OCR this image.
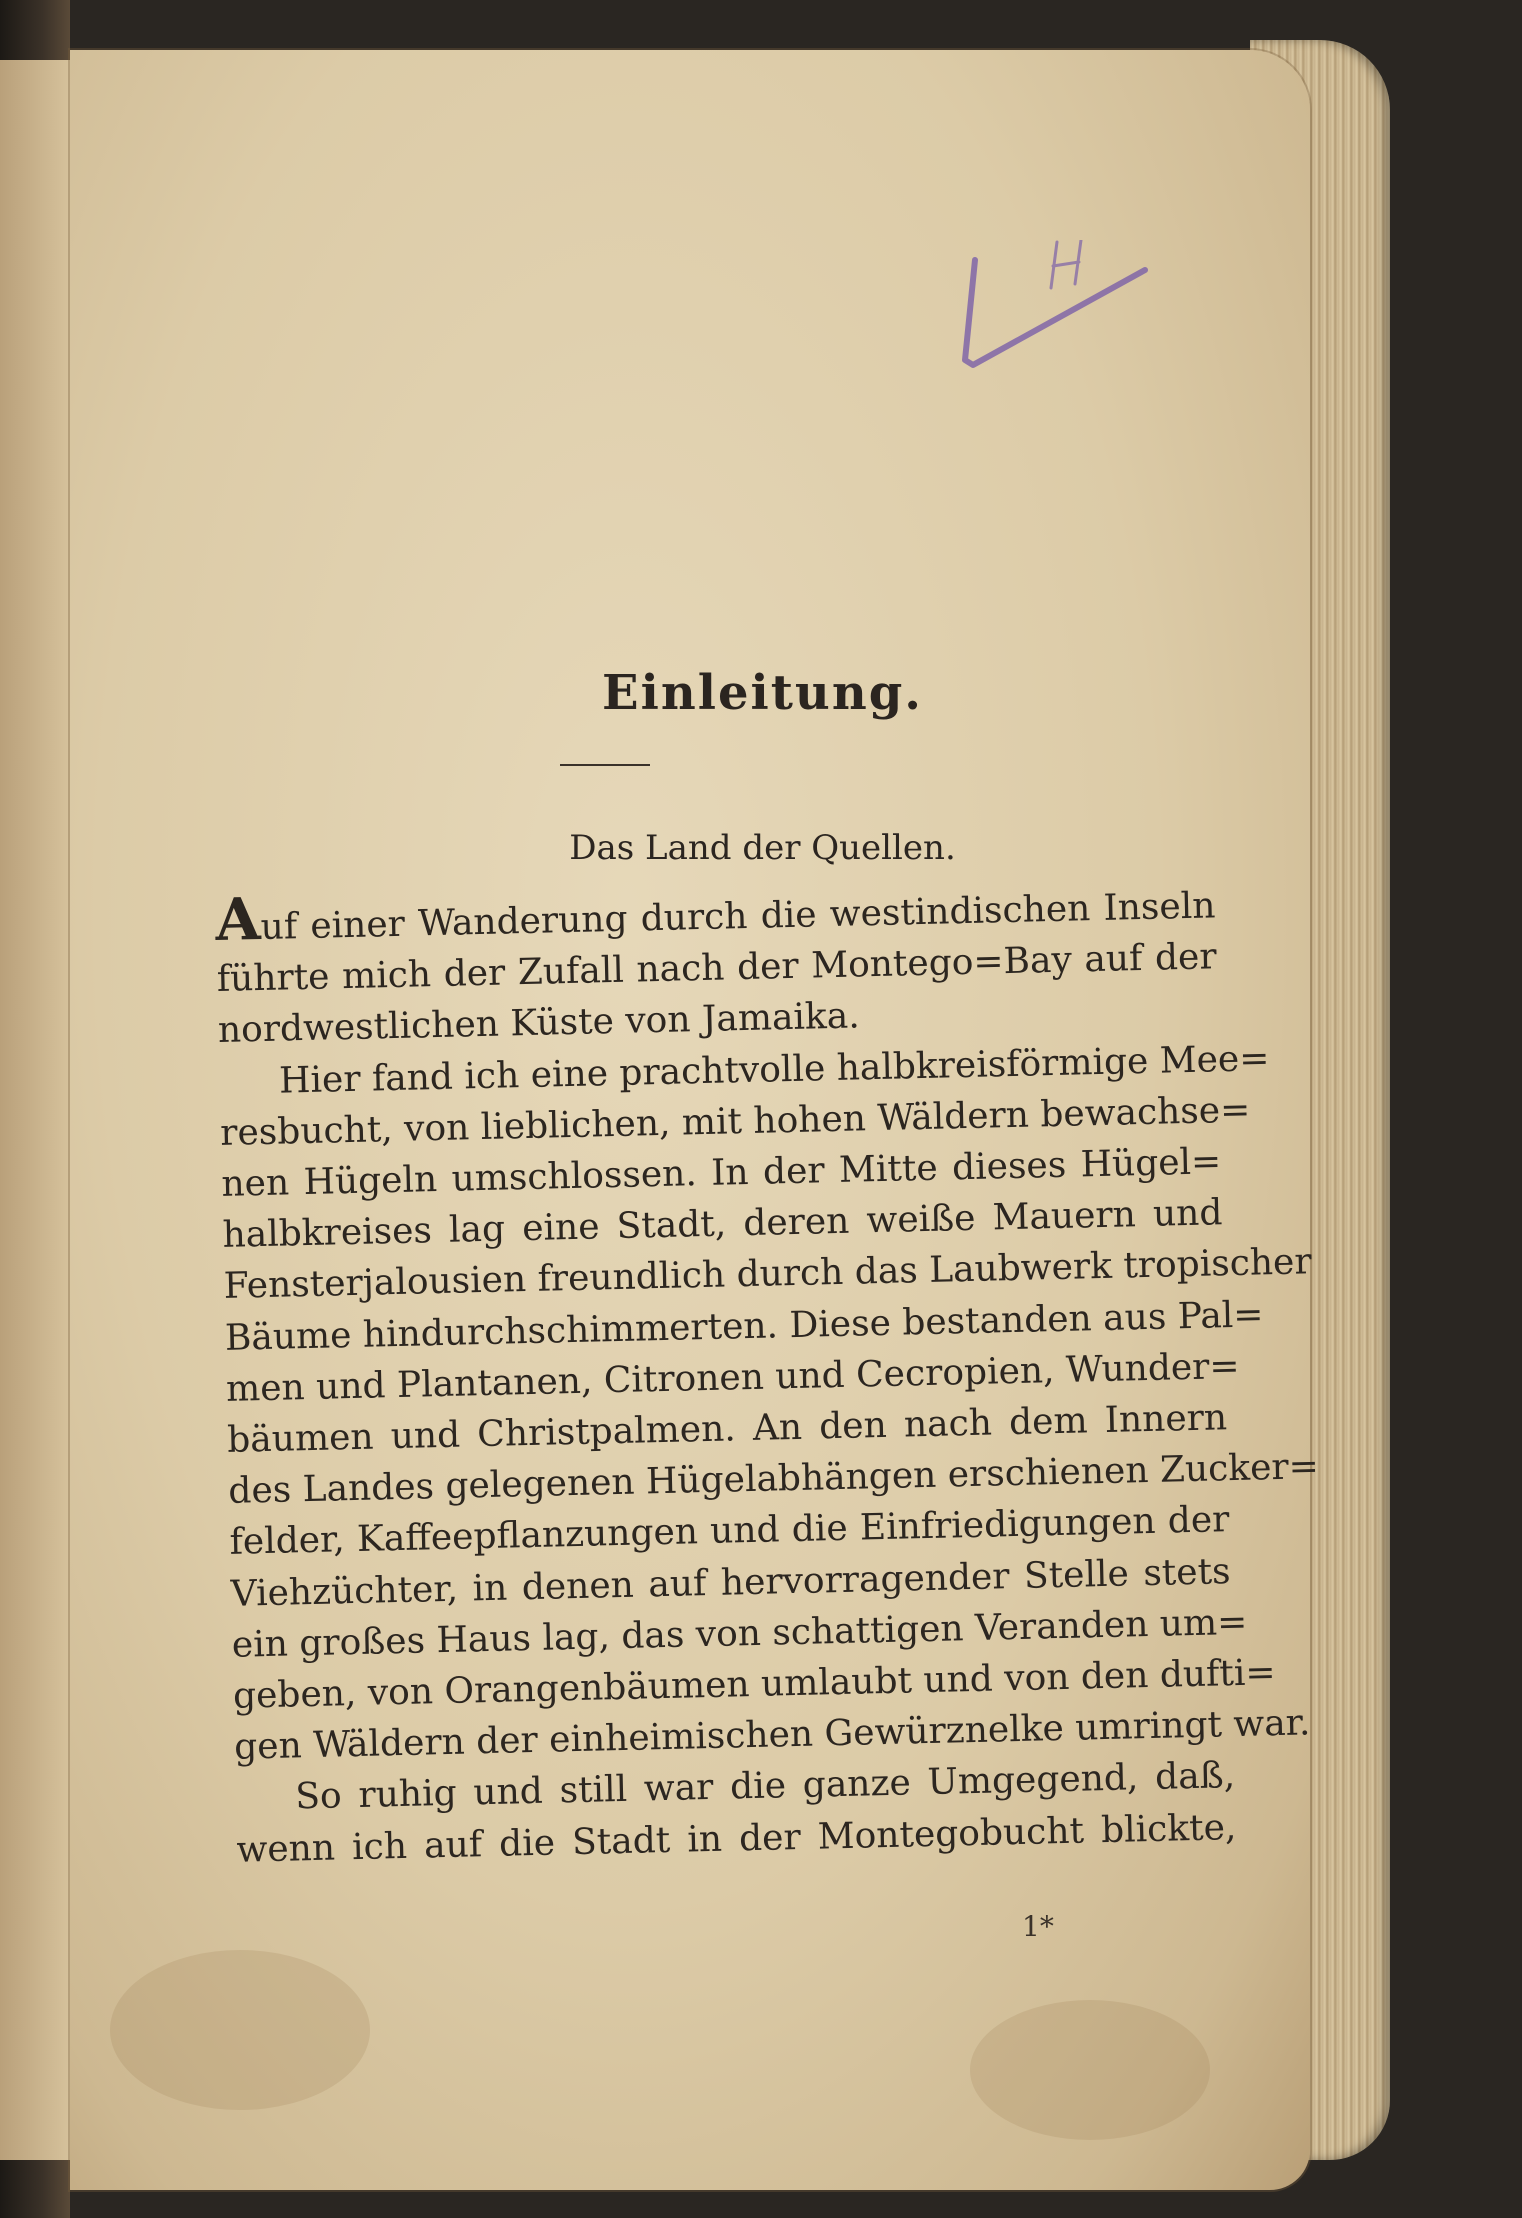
Einleitung.
Das Land der Quellen.
Auf einer Wanderung durch die westindischen Inseln
führte mich der Zufall nach der Montego=Bay auf der
nordwestlichen Küste von Jamaika.
Hier fand ich eine prachtvolle halbkreisförmige Mee=
resbucht, von lieblichen, mit hohen Wäldern bewachse=
nen Hügeln umschlossen. In der Mitte dieses Hügel=
halbkreises lag eine Stadt, deren weiße Mauern und
Fensterjalousien freundlich durch das Laubwerk tropischer
Bäume hindurchschimmerten. Diese bestanden aus Pal=
men und Plantanen, Citronen und Cecropien, Wunder=
bäumen und Christpalmen. An den nach dem Innern
des Landes gelegenen Hügelabhängen erschienen Zucker=
felder, Kaffeepflanzungen und die Einfriedigungen der
Viehzüchter, in denen auf hervorragender Stelle stets
ein großes Haus lag, das von schattigen Veranden um=
geben, von Orangenbäumen umlaubt und von den dufti=
gen Wäldern der einheimischen Gewürznelke umringt war.
So ruhig und still war die ganze Umgegend, daß,
wenn ich auf die Stadt in der Montegobucht blickte,
1*
